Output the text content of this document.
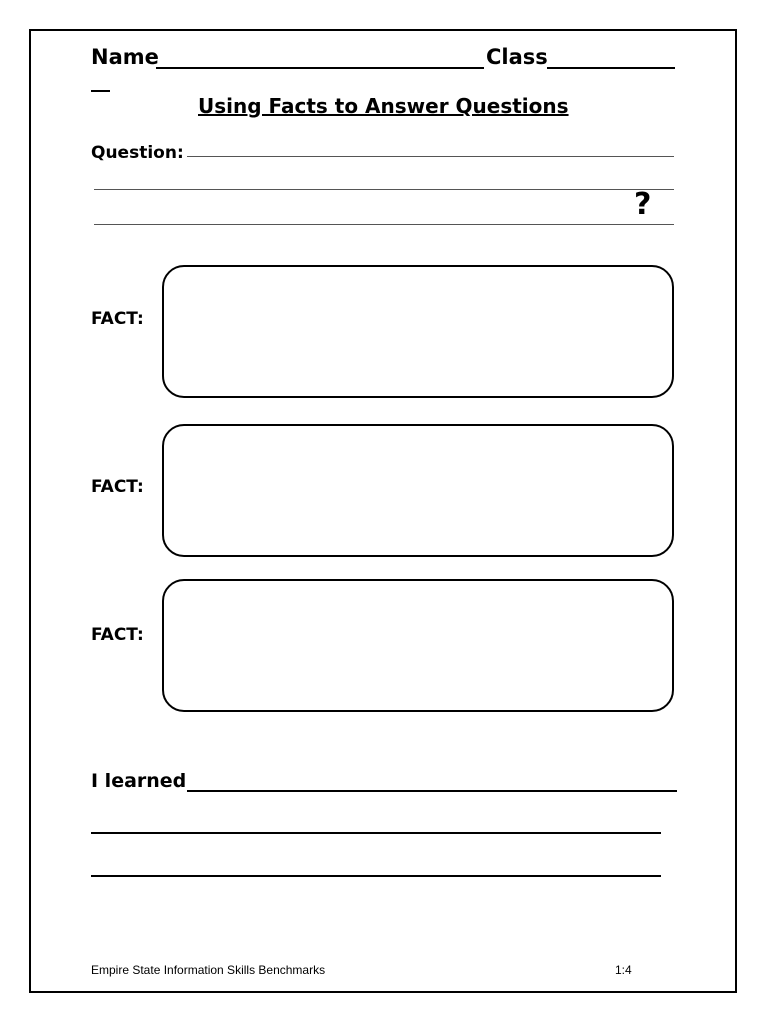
Name	Class
Using Facts to Answer Questions
Question:
?
FACT:
FACT:
FACT:
I learned
Empire State Information Skills Benchmarks	1:4
